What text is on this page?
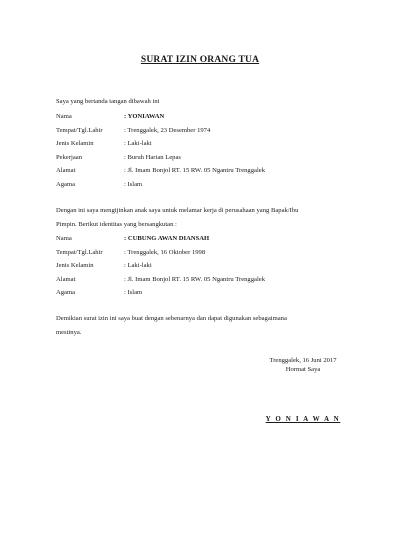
SURAT IZIN ORANG TUA
Saya yang bertanda tangan dibawah ini
Nama	: YONIAWAN
Tempat/Tgl.Lahir	: Trenggalek, 23 Desember 1974
Jenis Kelamin	: Laki-laki
Pekerjaan	: Buruh Harian Lepas
Alamat	: Jl. Imam Bonjol RT. 15 RW. 05 Ngantru Trenggalek
Agama	: Islam
Dengan ini saya mengijinkan anak saya untuk melamar kerja di perusahaan yang Bapak/Ibu
Pimpin. Berikut identitas yang bersangkutan :
Nama	: CUBUNG AWAN DIANSAH
Tempat/Tgl.Lahir	: Trenggalek, 16 Oktober 1998
Jenis Kelamin	: Laki-laki
Alamat	: Jl. Imam Bonjol RT. 15 RW. 05 Ngantru Trenggalek
Agama	: Islam
Demikian surat izin ini saya buat dengan sebenarnya dan dapat digunakan sebagaimana
mestinya.
Trenggalek, 16 Juni 2017
Hormat Saya
Y O N I A W A N
